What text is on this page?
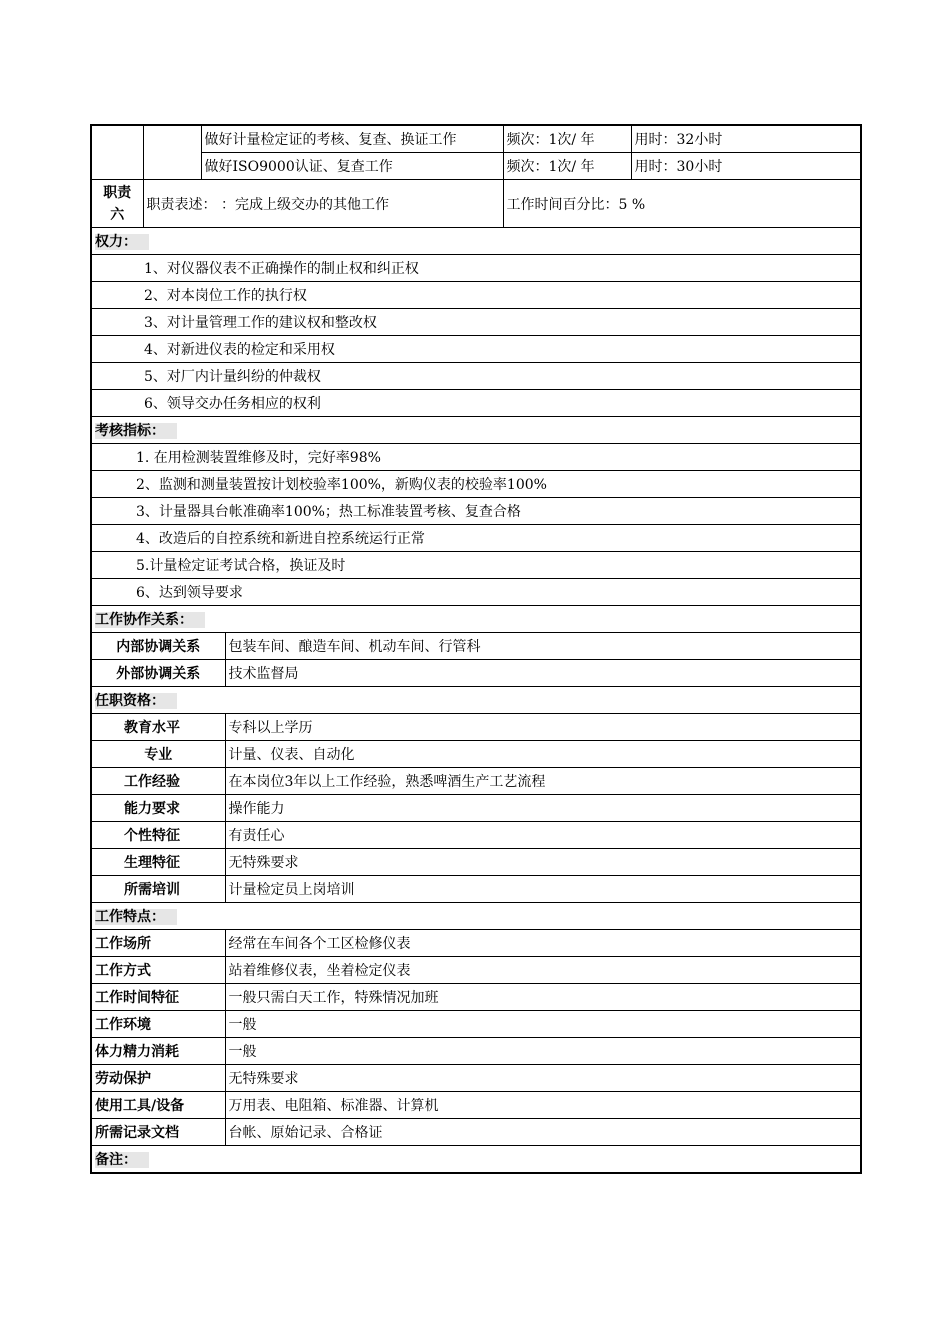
		做好计量检定证的考核、复查、换证工作		频次：1次/ 年	用时：32小时
		做好ISO9000认证、复查工作		频次：1次/ 年	用时：30小时
职责六	职责表述： ：完成上级交办的其他工作			工作时间百分比：5 %	
权力：					
1、对仪器仪表不正确操作的制止权和纠正权					
2、对本岗位工作的执行权					
3、对计量管理工作的建议权和整改权					
4、对新进仪表的检定和采用权					
5、对厂内计量纠纷的仲裁权					
6、领导交办任务相应的权利					
考核指标：					
1. 在用检测装置维修及时，完好率98%					
2、监测和测量装置按计划校验率100%，新购仪表的校验率100%					
3、计量器具台帐准确率100%；热工标准装置考核、复查合格					
4、改造后的自控系统和新进自控系统运行正常					
5.计量检定证考试合格，换证及时					
6、达到领导要求					
工作协作关系：					
内部协调关系			包装车间、酿造车间、机动车间、行管科		
外部协调关系			技术监督局		
任职资格：					
教育水平			专科以上学历		
专业			计量、仪表、自动化		
工作经验			在本岗位3年以上工作经验，熟悉啤酒生产工艺流程		
能力要求			操作能力		
个性特征			有责任心		
生理特征			无特殊要求		
所需培训			计量检定员上岗培训		
工作特点：					
工作场所			经常在车间各个工区检修仪表		
工作方式			站着维修仪表，坐着检定仪表		
工作时间特征			一般只需白天工作，特殊情况加班		
工作环境			一般		
体力精力消耗			一般		
劳动保护			无特殊要求		
使用工具/设备			万用表、电阻箱、标准器、计算机		
所需记录文档			台帐、原始记录、合格证		
备注：					
